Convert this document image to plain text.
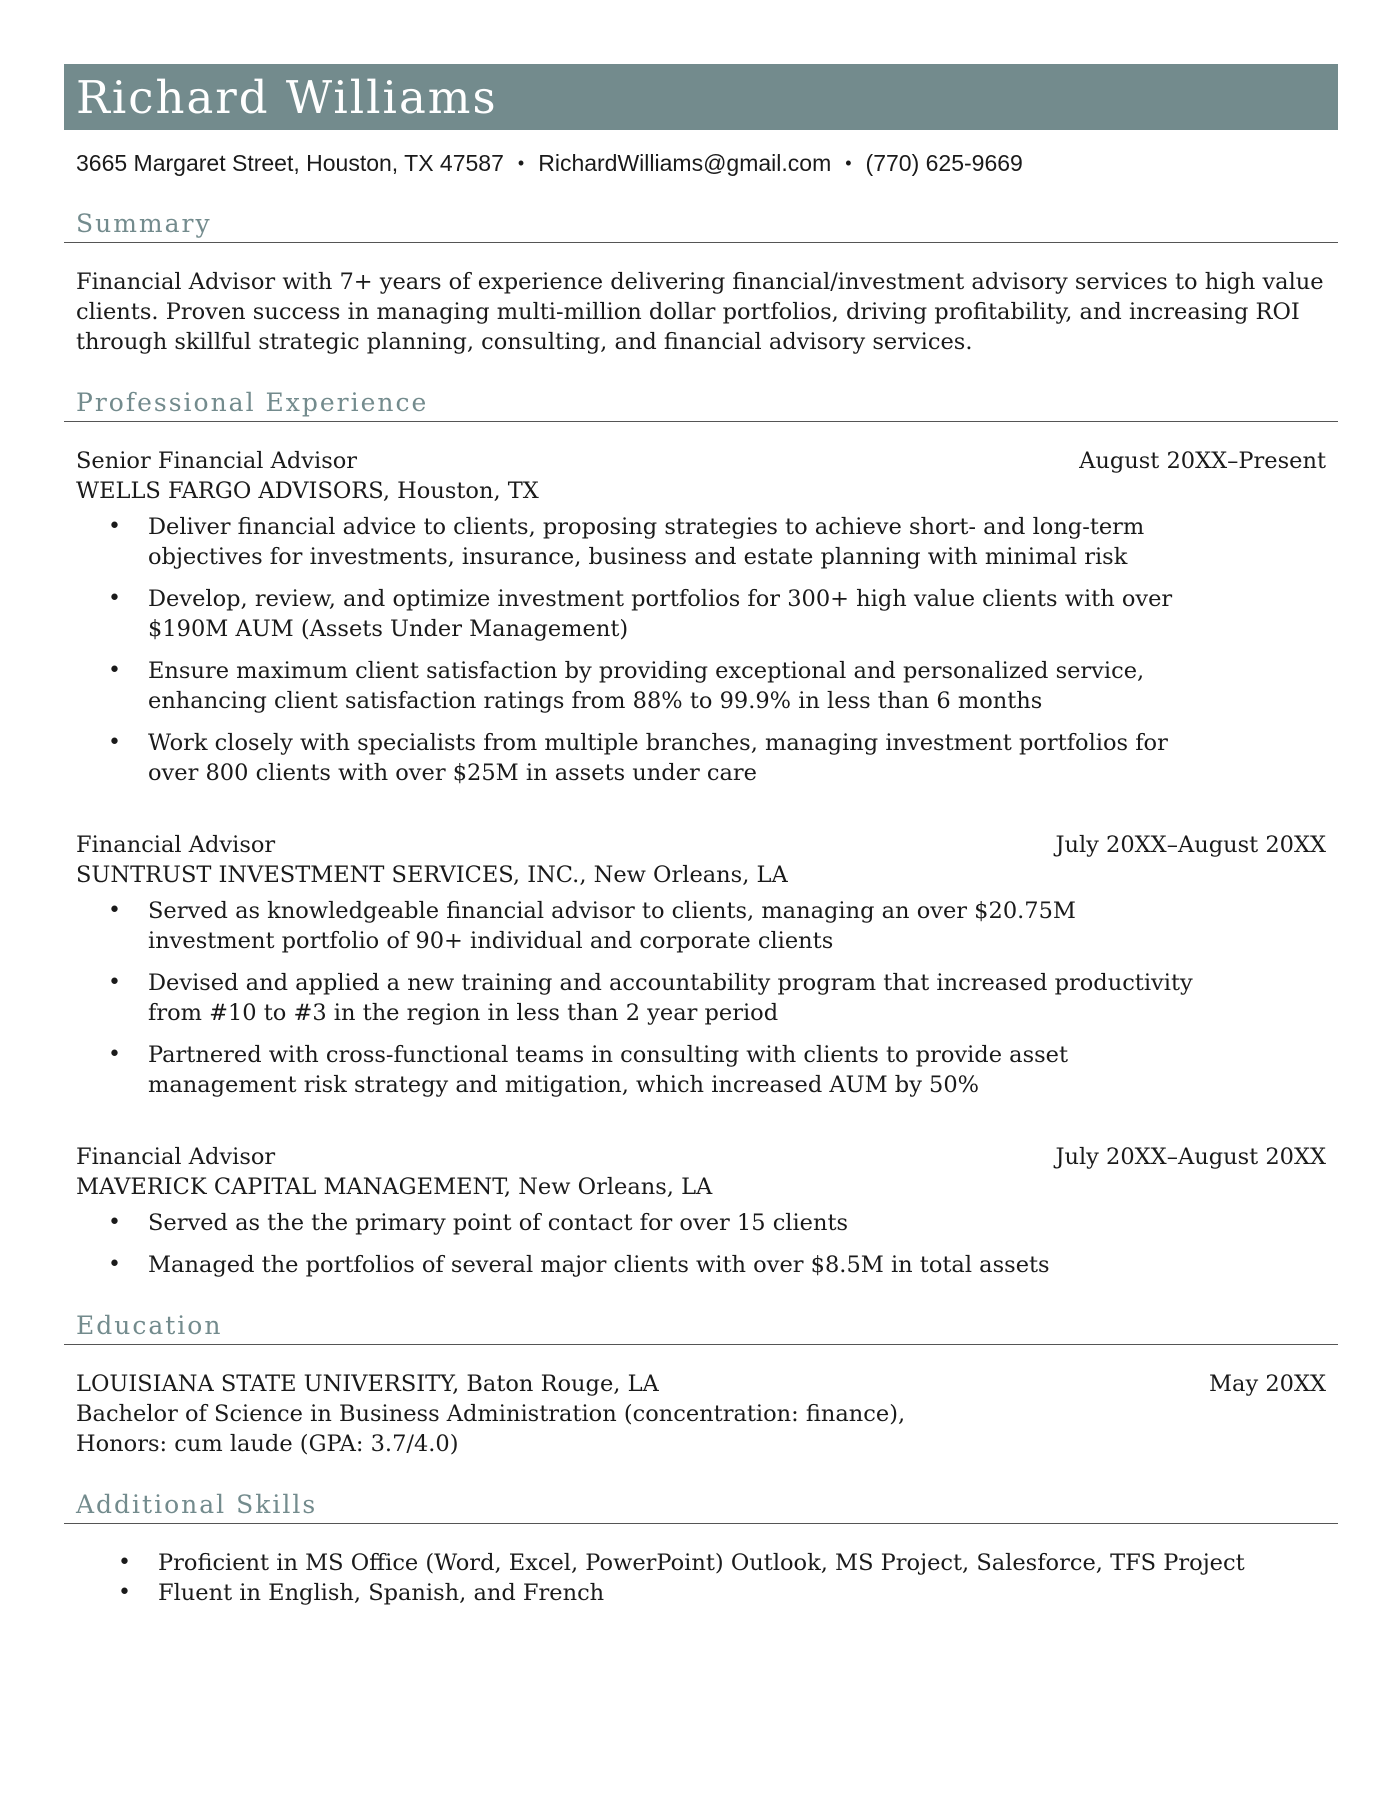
Richard Williams
3665 Margaret Street, Houston, TX 47587 • RichardWilliams@gmail.com • (770) 625-9669
Summary
Financial Advisor with 7+ years of experience delivering financial/investment advisory services to high value clients. Proven success in managing multi-million dollar portfolios, driving profitability, and increasing ROI through skillful strategic planning, consulting, and financial advisory services.
Professional Experience
Senior Financial Advisor	August 20XX–Present
WELLS FARGO ADVISORS, Houston, TX
• Deliver financial advice to clients, proposing strategies to achieve short- and long-term objectives for investments, insurance, business and estate planning with minimal risk
• Develop, review, and optimize investment portfolios for 300+ high value clients with over $190M AUM (Assets Under Management)
• Ensure maximum client satisfaction by providing exceptional and personalized service, enhancing client satisfaction ratings from 88% to 99.9% in less than 6 months
• Work closely with specialists from multiple branches, managing investment portfolios for over 800 clients with over $25M in assets under care
Financial Advisor	July 20XX–August 20XX
SUNTRUST INVESTMENT SERVICES, INC., New Orleans, LA
• Served as knowledgeable financial advisor to clients, managing an over $20.75M investment portfolio of 90+ individual and corporate clients
• Devised and applied a new training and accountability program that increased productivity from #10 to #3 in the region in less than 2 year period
• Partnered with cross-functional teams in consulting with clients to provide asset management risk strategy and mitigation, which increased AUM by 50%
Financial Advisor	July 20XX–August 20XX
MAVERICK CAPITAL MANAGEMENT, New Orleans, LA
• Served as the the primary point of contact for over 15 clients
• Managed the portfolios of several major clients with over $8.5M in total assets
Education
LOUISIANA STATE UNIVERSITY, Baton Rouge, LA	May 20XX
Bachelor of Science in Business Administration (concentration: finance),
Honors: cum laude (GPA: 3.7/4.0)
Additional Skills
• Proficient in MS Office (Word, Excel, PowerPoint) Outlook, MS Project, Salesforce, TFS Project
• Fluent in English, Spanish, and French
